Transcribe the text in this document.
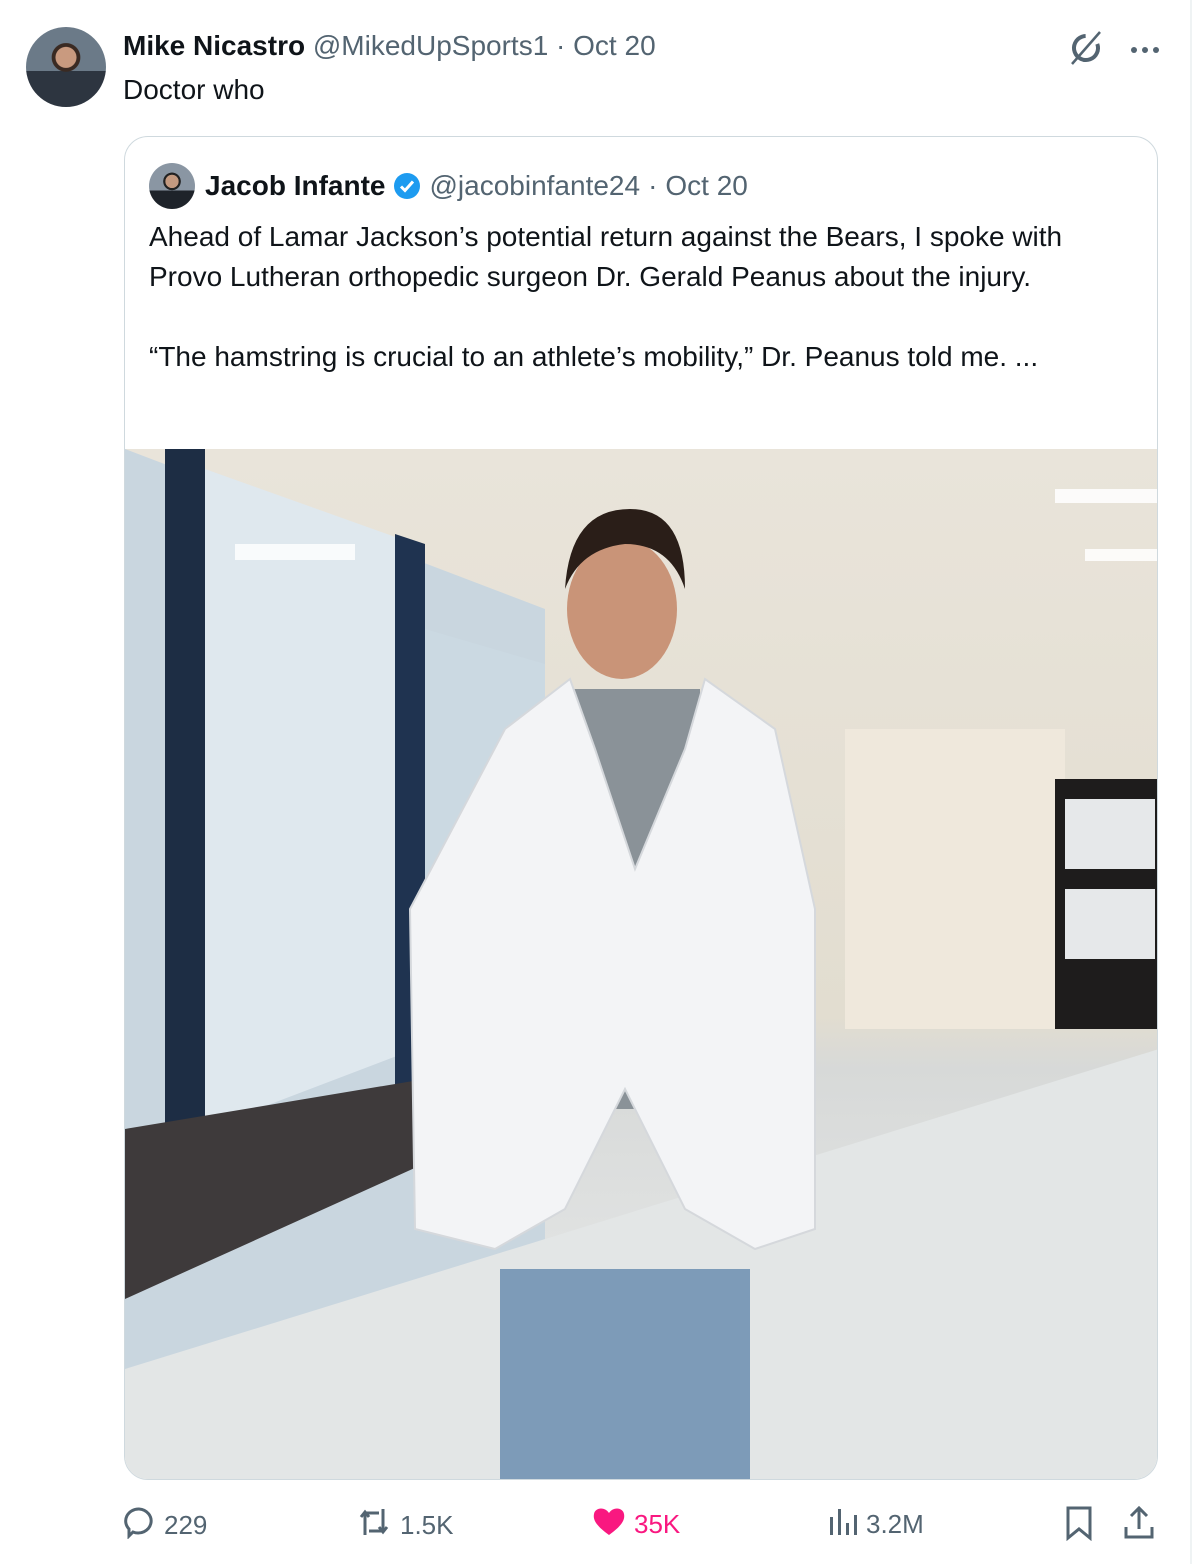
Mike Nicastro @MikedUpSports1 · Oct 20
Doctor who
Jacob Infante @jacobinfante24 · Oct 20

Ahead of Lamar Jackson’s potential return against the Bears, I spoke with Provo Lutheran orthopedic surgeon Dr. Gerald Peanus about the injury.

“The hamstring is crucial to an athlete’s mobility,” Dr. Peanus told me. ...

229	1.5K	35K	3.2M
